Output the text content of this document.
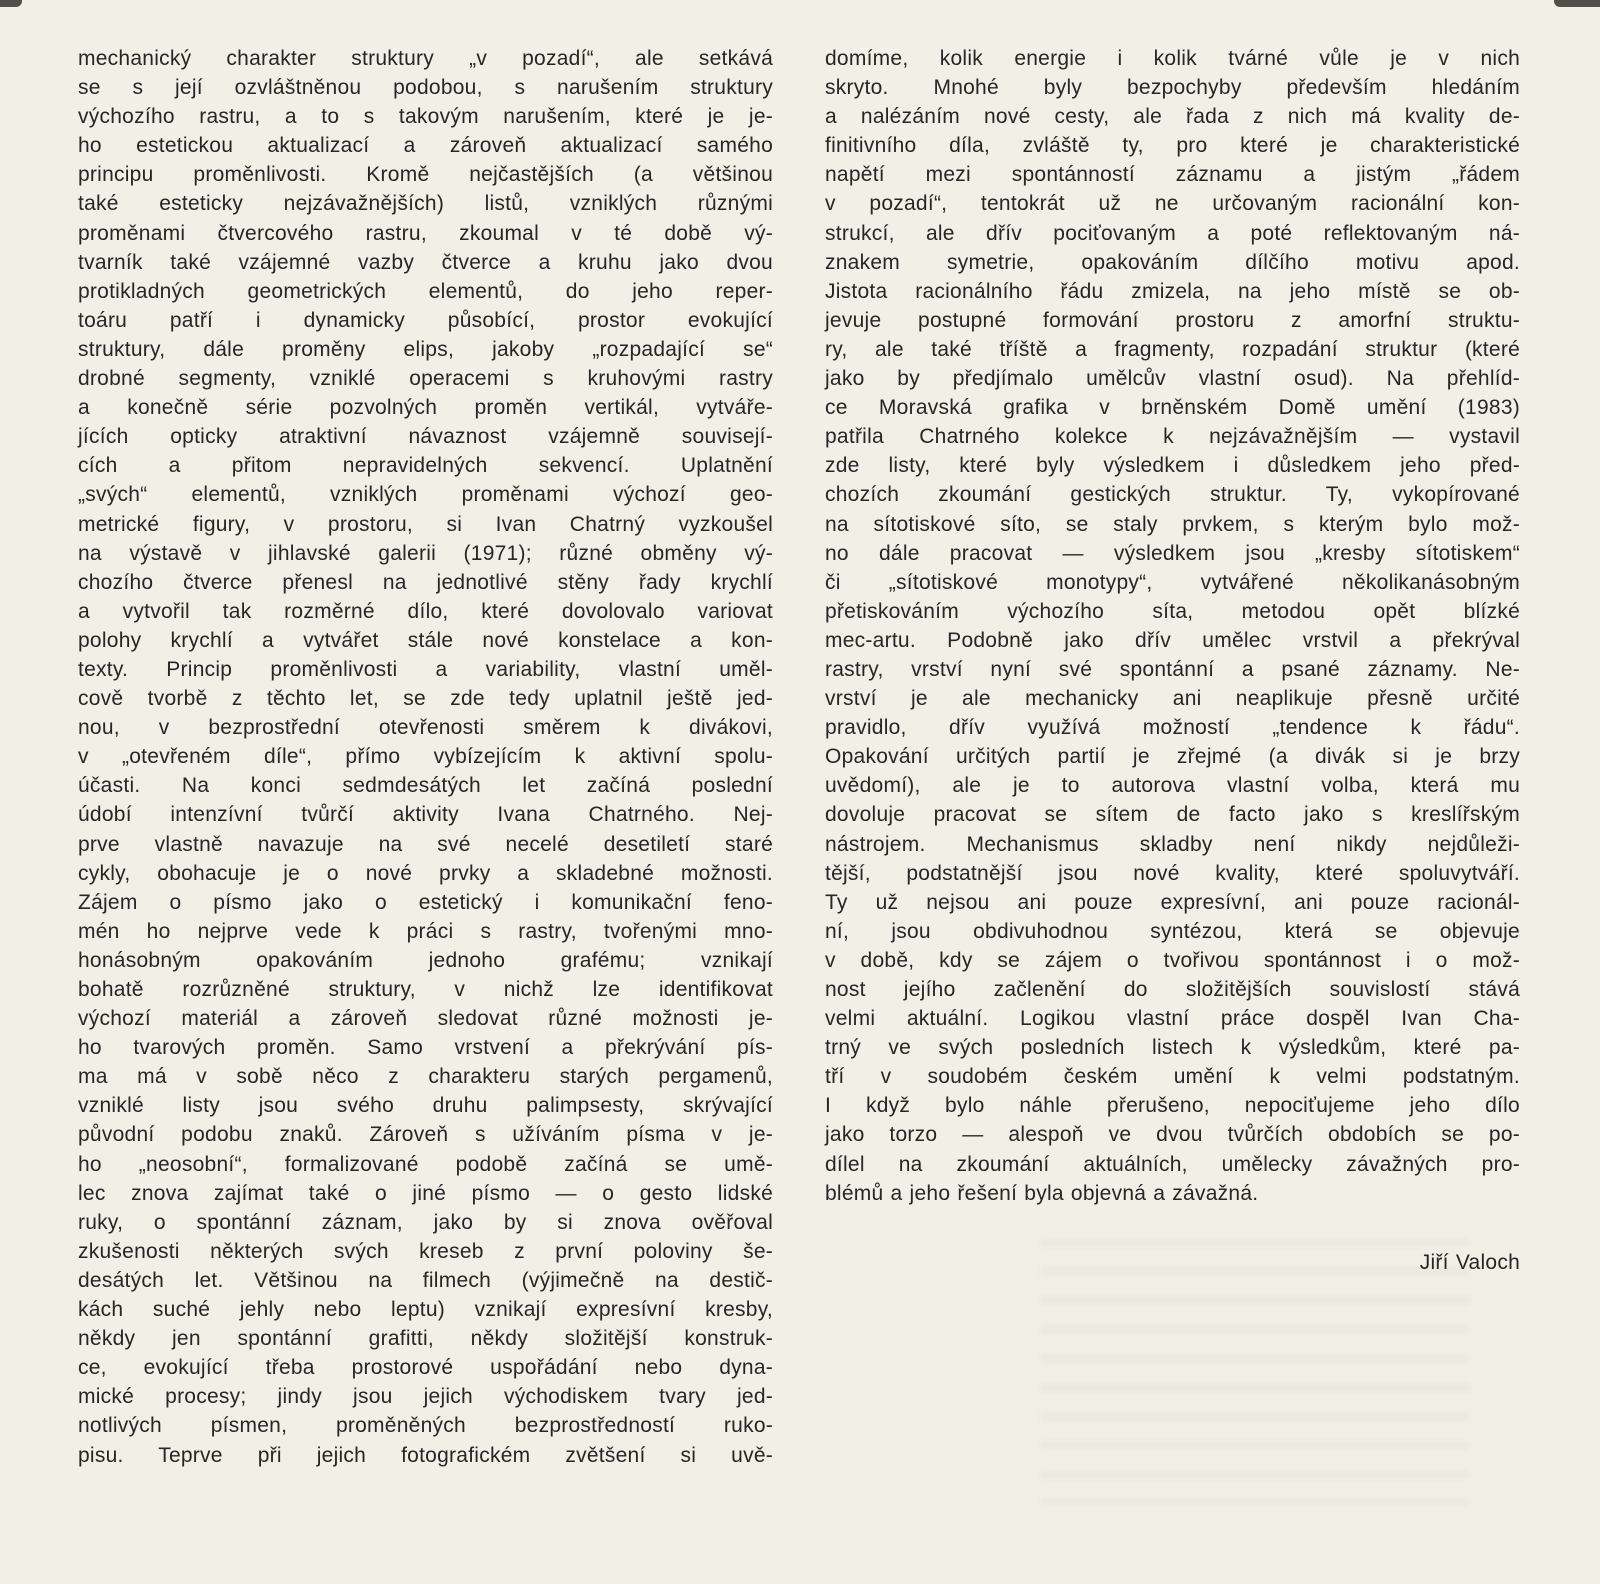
mechanický charakter struktury „v pozadí“, ale setkává
se s její ozvláštněnou podobou, s narušením struktury
výchozího rastru, a to s takovým narušením, které je je-
ho estetickou aktualizací a zároveň aktualizací samého
principu proměnlivosti. Kromě nejčastějších (a většinou
také esteticky nejzávažnějších) listů, vzniklých různými
proměnami čtvercového rastru, zkoumal v té době vý-
tvarník také vzájemné vazby čtverce a kruhu jako dvou
protikladných geometrických elementů, do jeho reper-
toáru patří i dynamicky působící, prostor evokující
struktury, dále proměny elips, jakoby „rozpadající se“
drobné segmenty, vzniklé operacemi s kruhovými rastry
a konečně série pozvolných proměn vertikál, vytváře-
jících opticky atraktivní návaznost vzájemně souvisejí-
cích a přitom nepravidelných sekvencí. Uplatnění
„svých“ elementů, vzniklých proměnami výchozí geo-
metrické figury, v prostoru, si Ivan Chatrný vyzkoušel
na výstavě v jihlavské galerii (1971); různé obměny vý-
chozího čtverce přenesl na jednotlivé stěny řady krychlí
a vytvořil tak rozměrné dílo, které dovolovalo variovat
polohy krychlí a vytvářet stále nové konstelace a kon-
texty. Princip proměnlivosti a variability, vlastní uměl-
cově tvorbě z těchto let, se zde tedy uplatnil ještě jed-
nou, v bezprostřední otevřenosti směrem k divákovi,
v „otevřeném díle“, přímo vybízejícím k aktivní spolu-
účasti. Na konci sedmdesátých let začíná poslední
údobí intenzívní tvůrčí aktivity Ivana Chatrného. Nej-
prve vlastně navazuje na své necelé desetiletí staré
cykly, obohacuje je o nové prvky a skladebné možnosti.
Zájem o písmo jako o estetický i komunikační feno-
mén ho nejprve vede k práci s rastry, tvořenými mno-
honásobným opakováním jednoho grafému; vznikají
bohatě rozrůzněné struktury, v nichž lze identifikovat
výchozí materiál a zároveň sledovat různé možnosti je-
ho tvarových proměn. Samo vrstvení a překrývání pís-
ma má v sobě něco z charakteru starých pergamenů,
vzniklé listy jsou svého druhu palimpsesty, skrývající
původní podobu znaků. Zároveň s užíváním písma v je-
ho „neosobní“, formalizované podobě začíná se umě-
lec znova zajímat také o jiné písmo — o gesto lidské
ruky, o spontánní záznam, jako by si znova ověřoval
zkušenosti některých svých kreseb z první poloviny še-
desátých let. Většinou na filmech (výjimečně na destič-
kách suché jehly nebo leptu) vznikají expresívní kresby,
někdy jen spontánní grafitti, někdy složitější konstruk-
ce, evokující třeba prostorové uspořádání nebo dyna-
mické procesy; jindy jsou jejich východiskem tvary jed-
notlivých písmen, proměněných bezprostředností ruko-
pisu. Teprve při jejich fotografickém zvětšení si uvě-
domíme, kolik energie i kolik tvárné vůle je v nich
skryto. Mnohé byly bezpochyby především hledáním
a nalézáním nové cesty, ale řada z nich má kvality de-
finitivního díla, zvláště ty, pro které je charakteristické
napětí mezi spontánností záznamu a jistým „řádem
v pozadí“, tentokrát už ne určovaným racionální kon-
strukcí, ale dřív pociťovaným a poté reflektovaným ná-
znakem symetrie, opakováním dílčího motivu apod.
Jistota racionálního řádu zmizela, na jeho místě se ob-
jevuje postupné formování prostoru z amorfní struktu-
ry, ale také tříště a fragmenty, rozpadání struktur (které
jako by předjímalo umělcův vlastní osud). Na přehlíd-
ce Moravská grafika v brněnském Domě umění (1983)
patřila Chatrného kolekce k nejzávažnějším — vystavil
zde listy, které byly výsledkem i důsledkem jeho před-
chozích zkoumání gestických struktur. Ty, vykopírované
na sítotiskové síto, se staly prvkem, s kterým bylo mož-
no dále pracovat — výsledkem jsou „kresby sítotiskem“
či „sítotiskové monotypy“, vytvářené několikanásobným
přetiskováním výchozího síta, metodou opět blízké
mec-artu. Podobně jako dřív umělec vrstvil a překrýval
rastry, vrství nyní své spontánní a psané záznamy. Ne-
vrství je ale mechanicky ani neaplikuje přesně určité
pravidlo, dřív využívá možností „tendence k řádu“.
Opakování určitých partií je zřejmé (a divák si je brzy
uvědomí), ale je to autorova vlastní volba, která mu
dovoluje pracovat se sítem de facto jako s kreslířským
nástrojem. Mechanismus skladby není nikdy nejdůleži-
tější, podstatnější jsou nové kvality, které spoluvytváří.
Ty už nejsou ani pouze expresívní, ani pouze racionál-
ní, jsou obdivuhodnou syntézou, která se objevuje
v době, kdy se zájem o tvořivou spontánnost i o mož-
nost jejího začlenění do složitějších souvislostí stává
velmi aktuální. Logikou vlastní práce dospěl Ivan Cha-
trný ve svých posledních listech k výsledkům, které pa-
tří v soudobém českém umění k velmi podstatným.
I když bylo náhle přerušeno, nepociťujeme jeho dílo
jako torzo — alespoň ve dvou tvůrčích obdobích se po-
dílel na zkoumání aktuálních, umělecky závažných pro-
blémů a jeho řešení byla objevná a závažná.
Jiří Valoch
